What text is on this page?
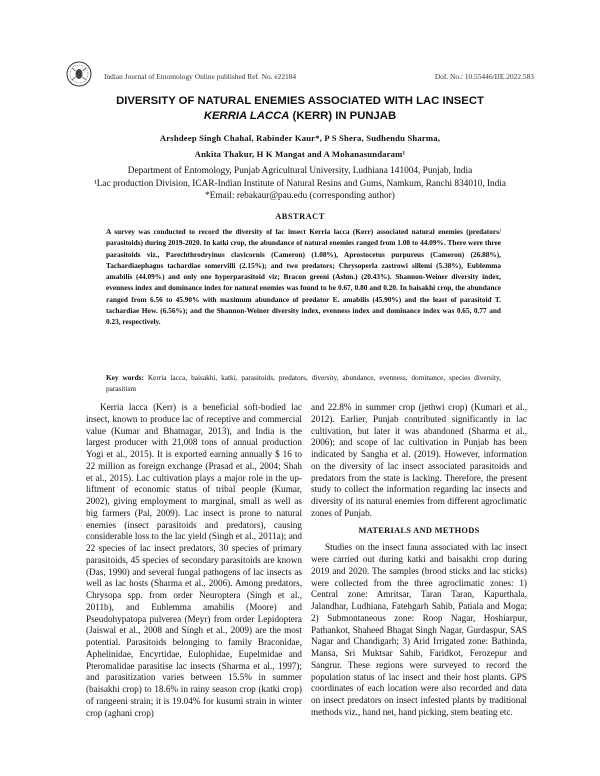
Indian Journal of Entomology Online published Ref. No. e22184	DoI. No.: 10.55446/IJE.2022.583
DIVERSITY OF NATURAL ENEMIES ASSOCIATED WITH LAC INSECT
KERRIA LACCA (KERR) IN PUNJAB
Arshdeep Singh Chahal, Rabinder Kaur*, P S Shera, Sudhendu Sharma,
Ankita Thakur, H K Mangat and A Mohanasundaram¹
Department of Entomology, Punjab Agricultural University, Ludhiana 141004, Punjab, India
¹Lac production Division, ICAR-Indian Institute of Natural Resins and Gums, Namkum, Ranchi 834010, India
*Email: rebakaur@pau.edu (corresponding author)
ABSTRACT
A survey was conducted to record the diversity of lac insect Kerria lacca (Kerr) associated natural enemies (predators/ parasitoids) during 2019-2020. In katki crop, the abundance of natural enemies ranged from 1.08 to 44.09%. There were three parasitoids viz., Parechthrodryinus clavicornis (Cameron) (1.08%), Aprostocetus purpureus (Cameron) (26.88%), Tachardiaephagus tachardiae somervilli (2.15%); and two predators; Chrysoperla zastrowi sillemi (5.38%), Eublemma amabilis (44.09%) and only one hyperparasitoid viz; Bracon greeni (Ashm.) (20.43%). Shannon-Weiner diversity index, evenness index and dominance index for natural enemies was found to be 0.67, 0.80 and 0.20. In baisakhi crop, the abundance ranged from 6.56 to 45.90% with maximum abundance of predator E. amabilis (45.90%) and the least of parasitoid T. tachardiae How. (6.56%); and the Shannon-Weiner diversity index, evenness index and dominance index was 0.65, 0.77 and 0.23, respectively.
Key words: Kerria lacca, baisakhi, katki, parasitoids, predators, diversity, abundance, evenness, dominance, species diversity, parasitism

Kerria lacca (Kerr) is a beneficial soft-bodied lac insect, known to produce lac of receptive and commercial value (Kumar and Bhatnagar, 2013), and India is the largest producer with 21,008 tons of annual production Yogi et al., 2015). It is exported earning annually $ 16 to 22 million as foreign exchange (Prasad et al., 2004; Shah et al., 2015). Lac cultivation plays a major role in the up-liftment of economic status of tribal people (Kumar, 2002), giving employment to marginal, small as well as big farmers (Pal, 2009). Lac insect is prone to natural enemies (insect parasitoids and predators), causing considerable loss to the lac yield (Singh et al., 2011a); and 22 species of lac insect predators, 30 species of primary parasitoids, 45 species of secondary parasitoids are known (Das, 1990) and several fungal pathogens of lac insects as well as lac hosts (Sharma et al., 2006). Among predators, Chrysopa spp. from order Neuroptera (Singh et al., 2011b), and Eublemma amabilis (Moore) and Pseudohypatopa pulverea (Meyr) from order Lepidoptera (Jaiswal et al., 2008 and Singh et al., 2009) are the most potential. Parasitoids belonging to family Braconidae, Aphelinidae, Encyrtidae, Eulophidae, Eupelmidae and Pteromalidae parasitise lac insects (Sharma et al., 1997); and parasitization varies between 15.5% in summer (baisakhi crop) to 18.6% in rainy season crop (katki crop) of rangeeni strain; it is 19.04% for kusumi strain in winter crop (aghani crop)

and 22.8% in summer crop (jethwi crop) (Kumari et al., 2012). Earlier, Punjab contributed significantly in lac cultivation, but later it was abandoned (Sharma et al., 2006); and scope of lac cultivation in Punjab has been indicated by Sangha et al. (2019). However, information on the diversity of lac insect associated parasitoids and predators from the state is lacking. Therefore, the present study to collect the information regarding lac insects and diversity of its natural enemies from different agroclimatic zones of Punjab.

MATERIALS AND METHODS

Studies on the insect fauna associated with lac insect were carried out during katki and baisakhi crop during 2019 and 2020. The samples (brood sticks and lac sticks) were collected from the three agroclimatic zones: 1) Central zone: Amritsar, Taran Taran, Kapurthala, Jalandhar, Ludhiana, Fatehgarh Sahib, Patiala and Moga; 2) Submontaneous zone: Roop Nagar, Hoshiarpur, Pathankot, Shaheed Bhagat Singh Nagar, Gurdaspur, SAS Nagar and Chandigarh; 3) Arid Irrigated zone: Bathinda, Mansa, Sri Muktsar Sahib, Faridkot, Ferozepur and Sangrur. These regions were surveyed to record the population status of lac insect and their host plants. GPS coordinates of each location were also recorded and data on insect predators on insect infested plants by traditional methods viz., hand net, hand picking, stem beating etc.
